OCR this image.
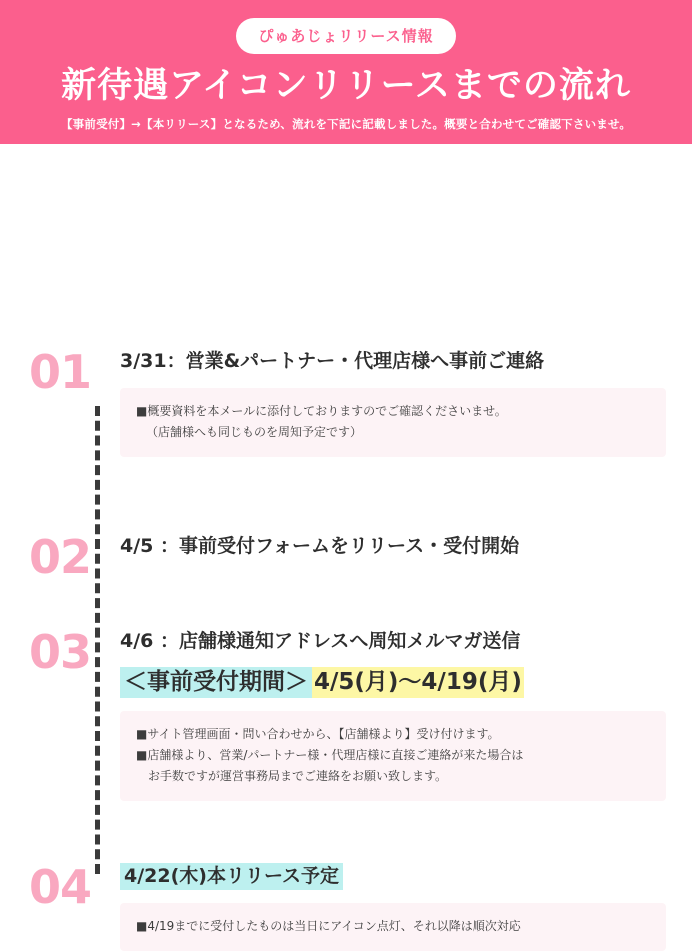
ぴゅあじょリリース情報
新待遇アイコンリリースまでの流れ
【事前受付】→【本リリース】となるため、流れを下記に記載しました。概要と合わせてご確認下さいませ。
01	3/31：営業&パートナー・代理店様へ事前ご連絡
■概要資料を本メールに添付しておりますのでご確認くださいませ。
（店舗様へも同じものを周知予定です）
02	4/5 ：事前受付フォームをリリース・受付開始
03	4/6 ：店舗様通知アドレスへ周知メルマガ送信
＜事前受付期間＞ 4/5(月)〜4/19(月)
■サイト管理画面・問い合わせから、【店舗様より】受け付けます。
■店舗様より、営業/パートナー様・代理店様に直接ご連絡が来た場合は
お手数ですが運営事務局までご連絡をお願い致します。
04	4/22(木)本リリース予定
■4/19までに受付したものは当日にアイコン点灯、それ以降は順次対応
